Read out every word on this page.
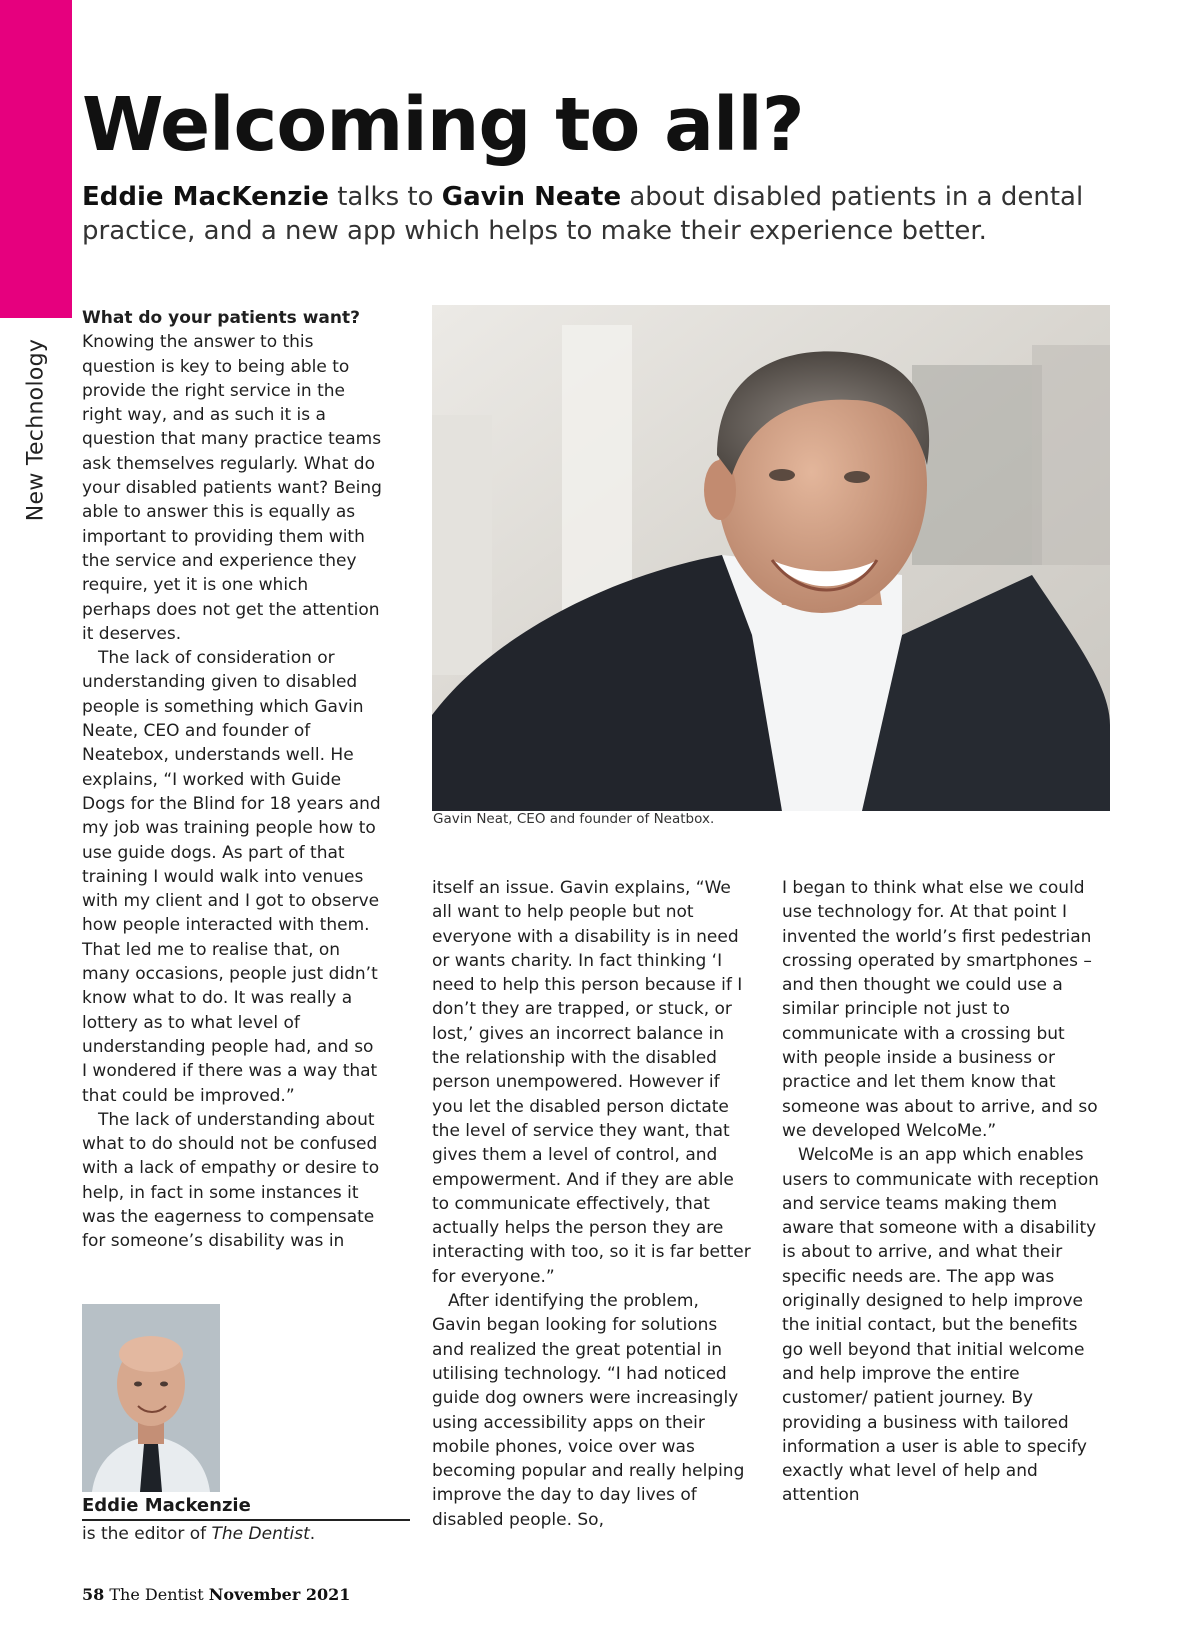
New Technology
Welcoming to all?

Eddie MacKenzie talks to Gavin Neate about disabled patients in a dental practice, and a new app which helps to make their experience better.

What do your patients want?

Knowing the answer to this question is key to being able to provide the right service in the right way, and as such it is a question that many practice teams ask themselves regularly. What do your disabled patients want? Being able to answer this is equally as important to providing them with the service and experience they require, yet it is one which perhaps does not get the attention it deserves.

The lack of consideration or understanding given to disabled people is something which Gavin Neate, CEO and founder of Neatebox, understands well. He explains, “I worked with Guide Dogs for the Blind for 18 years and my job was training people how to use guide dogs. As part of that training I would walk into venues with my client and I got to observe how people interacted with them. That led me to realise that, on many occasions, people just didn’t know what to do. It was really a lottery as to what level of understanding people had, and so I wondered if there was a way that that could be improved.”

The lack of understanding about what to do should not be confused with a lack of empathy or desire to help, in fact in some instances it was the eagerness to compensate for someone’s disability was in

Gavin Neat, CEO and founder of Neatbox.

itself an issue. Gavin explains, “We all want to help people but not everyone with a disability is in need or wants charity. In fact thinking ‘I need to help this person because if I don’t they are trapped, or stuck, or lost,’ gives an incorrect balance in the relationship with the disabled person unempowered. However if you let the disabled person dictate the level of service they want, that gives them a level of control, and empowerment. And if they are able to communicate effectively, that actually helps the person they are interacting with too, so it is far better for everyone.”

After identifying the problem, Gavin began looking for solutions and realized the great potential in utilising technology. “I had noticed guide dog owners were increasingly using accessibility apps on their mobile phones, voice over was becoming popular and really helping improve the day to day lives of disabled people. So,

I began to think what else we could use technology for. At that point I invented the world’s first pedestrian crossing operated by smartphones – and then thought we could use a similar principle not just to communicate with a crossing but with people inside a business or practice and let them know that someone was about to arrive, and so we developed WelcoMe.”

WelcoMe is an app which enables users to communicate with reception and service teams making them aware that someone with a disability is about to arrive, and what their specific needs are. The app was originally designed to help improve the initial contact, but the benefits go well beyond that initial welcome and help improve the entire customer/ patient journey. By providing a business with tailored information a user is able to specify exactly what level of help and attention

Eddie Mackenzie
is the editor of The Dentist.
58 The Dentist November 2021
